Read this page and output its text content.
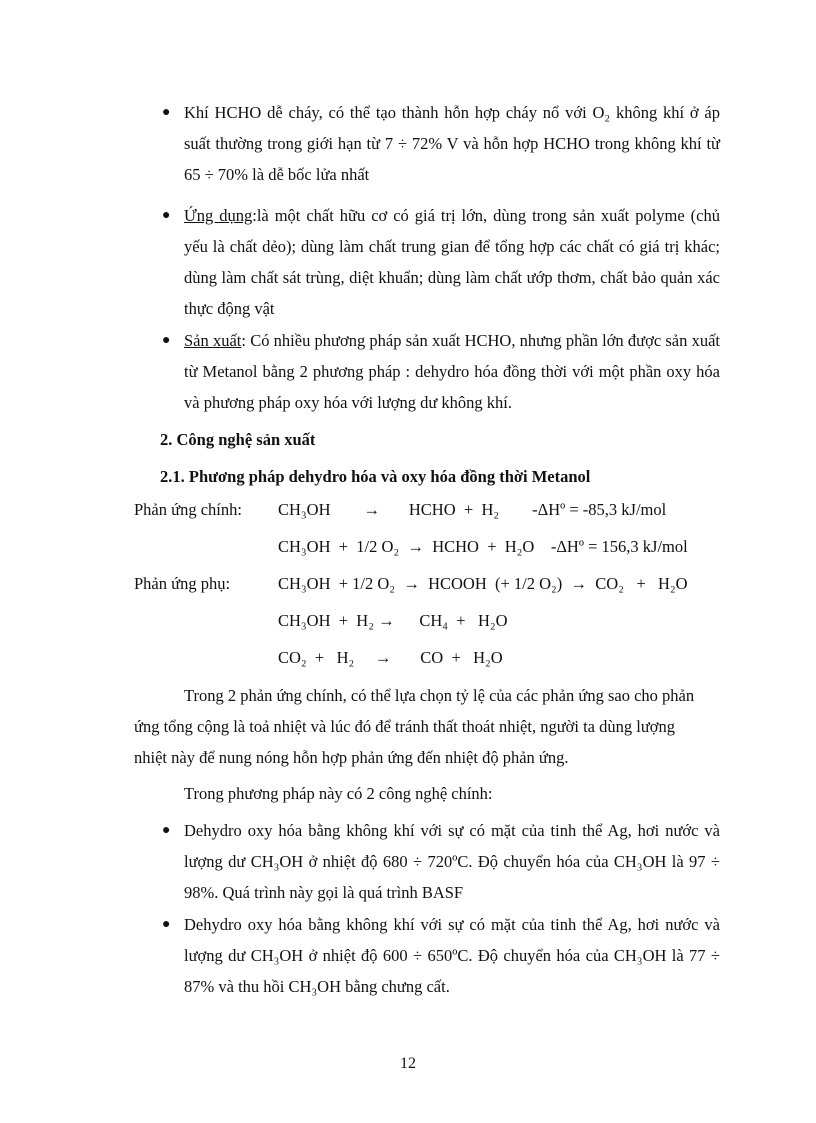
● Khí HCHO dễ cháy, có thể tạo thành hỗn hợp cháy nổ với O₂ không khí ở áp suất thường trong giới hạn từ 7 ÷ 72% V và hỗn hợp HCHO trong không khí từ 65 ÷ 70% là dễ bốc lửa nhất
● Ứng dụng:là một chất hữu cơ có giá trị lớn, dùng trong sản xuất polyme (chủ yếu là chất dẻo); dùng làm chất trung gian để tổng hợp các chất có giá trị khác; dùng làm chất sát trùng, diệt khuẩn; dùng làm chất ướp thơm, chất bảo quản xác thực động vật
● Sản xuất: Có nhiều phương pháp sản xuất HCHO, nhưng phần lớn được sản xuất từ Metanol bằng 2 phương pháp : dehydro hóa đồng thời với một phần oxy hóa và phương pháp oxy hóa với lượng dư không khí.
2. Công nghệ sản xuất
2.1. Phương pháp dehydro hóa và oxy hóa đồng thời Metanol
Phản ứng chính: CH₃OH        →       HCHO  +  H₂        -ΔHº = -85,3 kJ/mol
CH₃OH  +  1/2 O₂  →  HCHO  +  H₂O    -ΔHº = 156,3 kJ/mol
Phản ứng phụ:	CH₃OH  + 1/2 O₂  →  HCOOH  (+ 1/2 O₂)  →  CO₂   +   H₂O
CH₃OH  +  H₂ →      CH₄  +   H₂O
CO₂  +   H₂     →       CO  +   H₂O
Trong 2 phản ứng chính, có thể lựa chọn tỷ lệ của các phản ứng sao cho phản
ứng tổng cộng là toả nhiệt và lúc đó để tránh thất thoát nhiệt, người ta dùng lượng
nhiệt này để nung nóng hỗn hợp phản ứng đến nhiệt độ phản ứng.
Trong phương pháp này có 2 công nghệ chính:
● Dehydro oxy hóa bằng không khí với sự có mặt của tinh thể Ag, hơi nước và lượng dư CH₃OH ở nhiệt độ 680 ÷ 720ºC. Độ chuyển hóa của CH₃OH là 97 ÷ 98%. Quá trình này gọi là quá trình BASF
● Dehydro oxy hóa bằng không khí với sự có mặt của tinh thể Ag, hơi nước và lượng dư CH₃OH ở nhiệt độ 600 ÷ 650ºC. Độ chuyển hóa của CH₃OH là 77 ÷ 87% và thu hồi CH₃OH bằng chưng cất.
12
